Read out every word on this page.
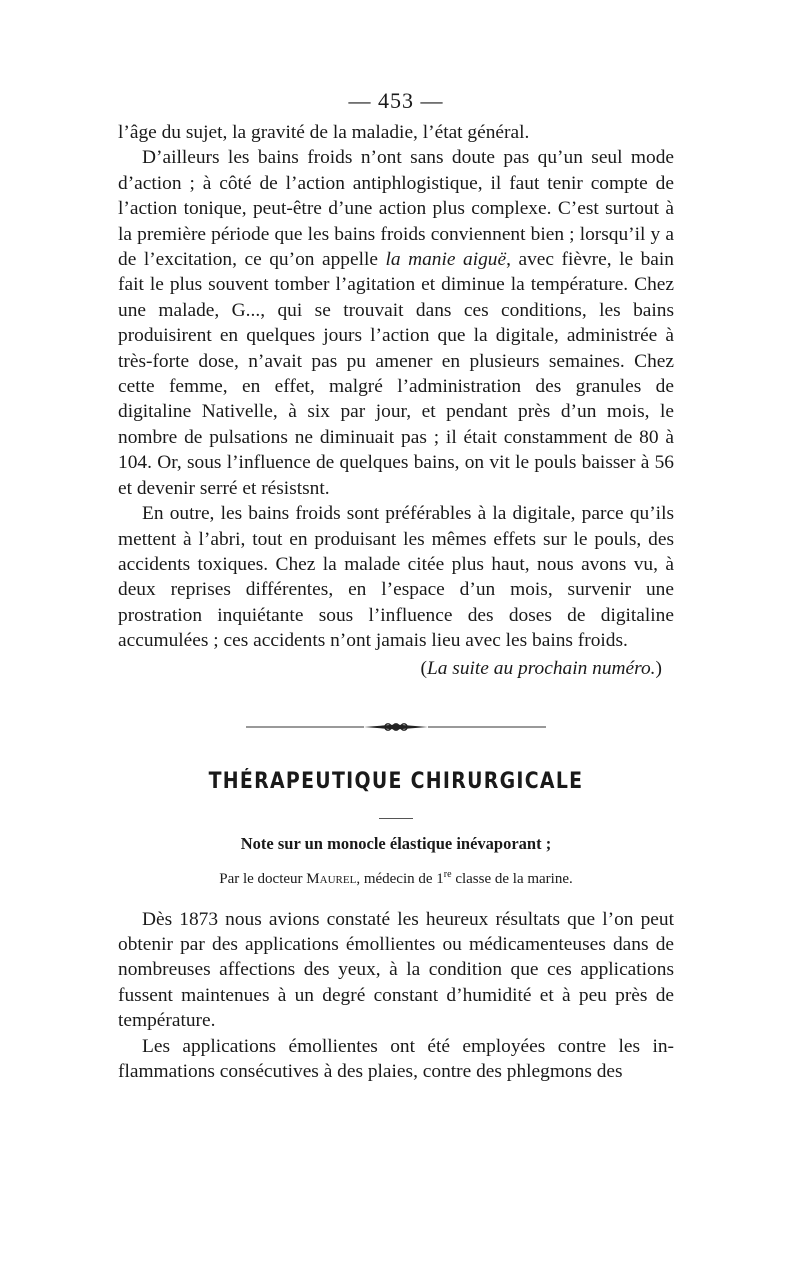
— 453 —

l’âge du sujet, la gravité de la maladie, l’état général.

D’ailleurs les bains froids n’ont sans doute pas qu’un seul mode d’action ; à côté de l’action antiphlogistique, il faut tenir compte de l’action tonique, peut-être d’une action plus complexe. C’est surtout à la première période que les bains froids conviennent bien ; lorsqu’il y a de l’excitation, ce qu’on appelle la manie aiguë, avec fièvre, le bain fait le plus souvent tomber l’agitation et diminue la température. Chez une malade, G..., qui se trouvait dans ces conditions, les bains produisirent en quelques jours l’action que la digitale, administrée à très-forte dose, n’avait pas pu amener en plusieurs semaines. Chez cette femme, en effet, malgré l’administration des granules de digitaline Nativelle, à six par jour, et pendant près d’un mois, le nombre de pulsations ne diminuait pas ; il était constamment de 80 à 104. Or, sous l’influence de quelques bains, on vit le pouls baisser à 56 et devenir serré et résistsnt.

En outre, les bains froids sont préférables à la digitale, parce qu’ils mettent à l’abri, tout en produisant les mêmes effets sur le pouls, des accidents toxiques. Chez la malade citée plus haut, nous avons vu, à deux reprises différentes, en l’espace d’un mois, survenir une prostration inquiétante sous l’influence des doses de digitaline accumulées ; ces accidents n’ont jamais lieu avec les bains froids.

(La suite au prochain numéro.)

THÉRAPEUTIQUE CHIRURGICALE
Note sur un monocle élastique inévaporant ;
Par le docteur Maurel, médecin de 1re classe de la marine.

Dès 1873 nous avions constaté les heureux résultats que l’on peut obtenir par des applications émollientes ou médicamenteuses dans de nombreuses affections des yeux, à la condition que ces applications fussent maintenues à un degré constant d’humidité et à peu près de température.

Les applications émollientes ont été employées contre les inflammations consécutives à des plaies, contre des phlegmons des
